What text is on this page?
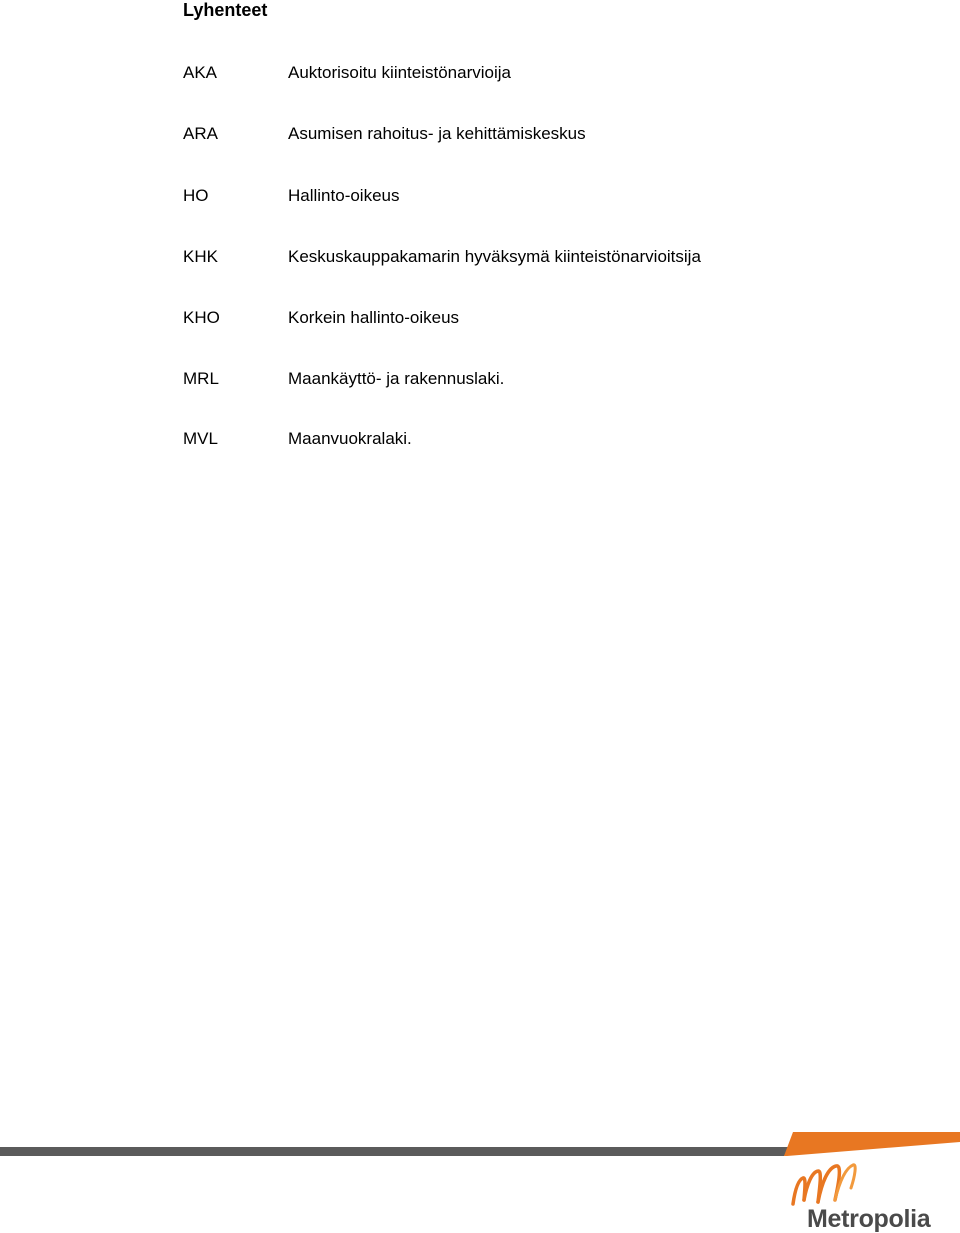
Lyhenteet
AKA	Auktorisoitu kiinteistönarvioija
ARA	Asumisen rahoitus- ja kehittämiskeskus
HO	Hallinto-oikeus
KHK	Keskuskauppakamarin hyväksymä kiinteistönarvioitsija
KHO	Korkein hallinto-oikeus
MRL	Maankäyttö- ja rakennuslaki.
MVL	Maanvuokralaki.
Metropolia
